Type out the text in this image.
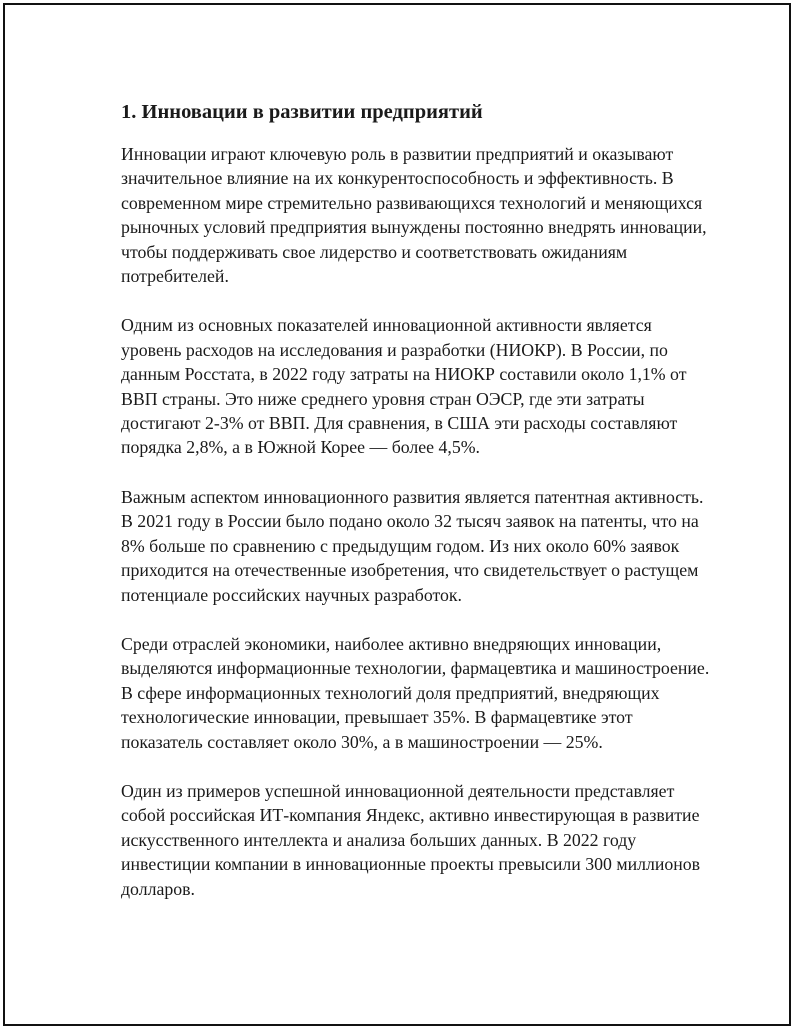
1. Инновации в развитии предприятий

Инновации играют ключевую роль в развитии предприятий и оказывают значительное влияние на их конкурентоспособность и эффективность. В современном мире стремительно развивающихся технологий и меняющихся рыночных условий предприятия вынуждены постоянно внедрять инновации, чтобы поддерживать свое лидерство и соответствовать ожиданиям потребителей.

Одним из основных показателей инновационной активности является уровень расходов на исследования и разработки (НИОКР). В России, по данным Росстата, в 2022 году затраты на НИОКР составили около 1,1% от ВВП страны. Это ниже среднего уровня стран ОЭСР, где эти затраты достигают 2-3% от ВВП. Для сравнения, в США эти расходы составляют порядка 2,8%, а в Южной Корее — более 4,5%.

Важным аспектом инновационного развития является патентная активность. В 2021 году в России было подано около 32 тысяч заявок на патенты, что на 8% больше по сравнению с предыдущим годом. Из них около 60% заявок приходится на отечественные изобретения, что свидетельствует о растущем потенциале российских научных разработок.

Среди отраслей экономики, наиболее активно внедряющих инновации, выделяются информационные технологии, фармацевтика и машиностроение. В сфере информационных технологий доля предприятий, внедряющих технологические инновации, превышает 35%. В фармацевтике этот показатель составляет около 30%, а в машиностроении — 25%.

Один из примеров успешной инновационной деятельности представляет собой российская ИТ-компания Яндекс, активно инвестирующая в развитие искусственного интеллекта и анализа больших данных. В 2022 году инвестиции компании в инновационные проекты превысили 300 миллионов долларов.
